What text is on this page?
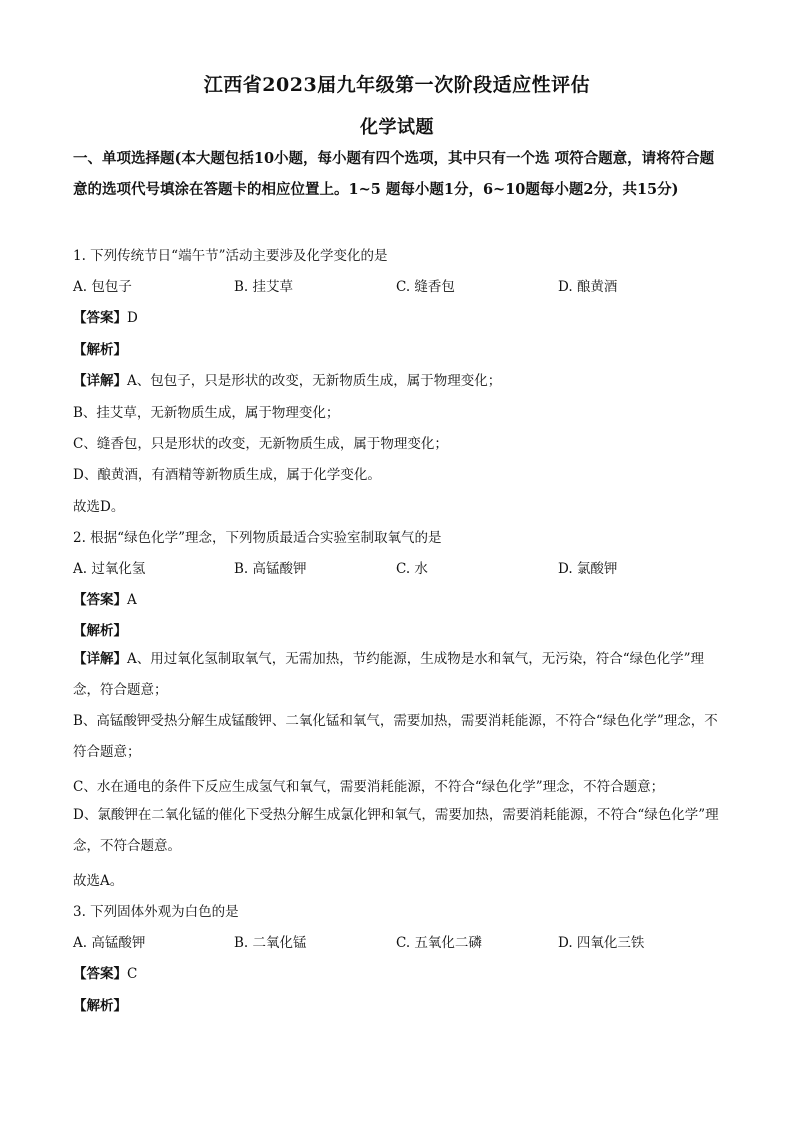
江西省2023届九年级第一次阶段适应性评估
化学试题
一、单项选择题(本大题包括10小题，每小题有四个选项，其中只有一个选 项符合题意，请将符合题意的选项代号填涂在答题卡的相应位置上。1~5 题每小题1分，6~10题每小题2分，共15分)
1. 下列传统节日“端午节”活动主要涉及化学变化的是
A. 包包子	B. 挂艾草	C. 缝香包	D. 酿黄酒
【答案】D
【解析】
【详解】A、包包子，只是形状的改变，无新物质生成，属于物理变化；
B、挂艾草，无新物质生成，属于物理变化；
C、缝香包，只是形状的改变，无新物质生成，属于物理变化；
D、酿黄酒，有酒精等新物质生成，属于化学变化。
故选D。
2. 根据“绿色化学”理念，下列物质最适合实验室制取氧气的是
A. 过氧化氢	B. 高锰酸钾	C. 水	D. 氯酸钾
【答案】A
【解析】
【详解】A、用过氧化氢制取氧气，无需加热，节约能源，生成物是水和氧气，无污染，符合“绿色化学”理念，符合题意；
B、高锰酸钾受热分解生成锰酸钾、二氧化锰和氧气，需要加热，需要消耗能源，不符合“绿色化学”理念，不符合题意；
C、水在通电的条件下反应生成氢气和氧气，需要消耗能源，不符合“绿色化学”理念，不符合题意；
D、氯酸钾在二氧化锰的催化下受热分解生成氯化钾和氧气，需要加热，需要消耗能源，不符合“绿色化学”理念，不符合题意。
故选A。
3. 下列固体外观为白色的是
A. 高锰酸钾	B. 二氧化锰	C. 五氧化二磷	D. 四氧化三铁
【答案】C
【解析】
